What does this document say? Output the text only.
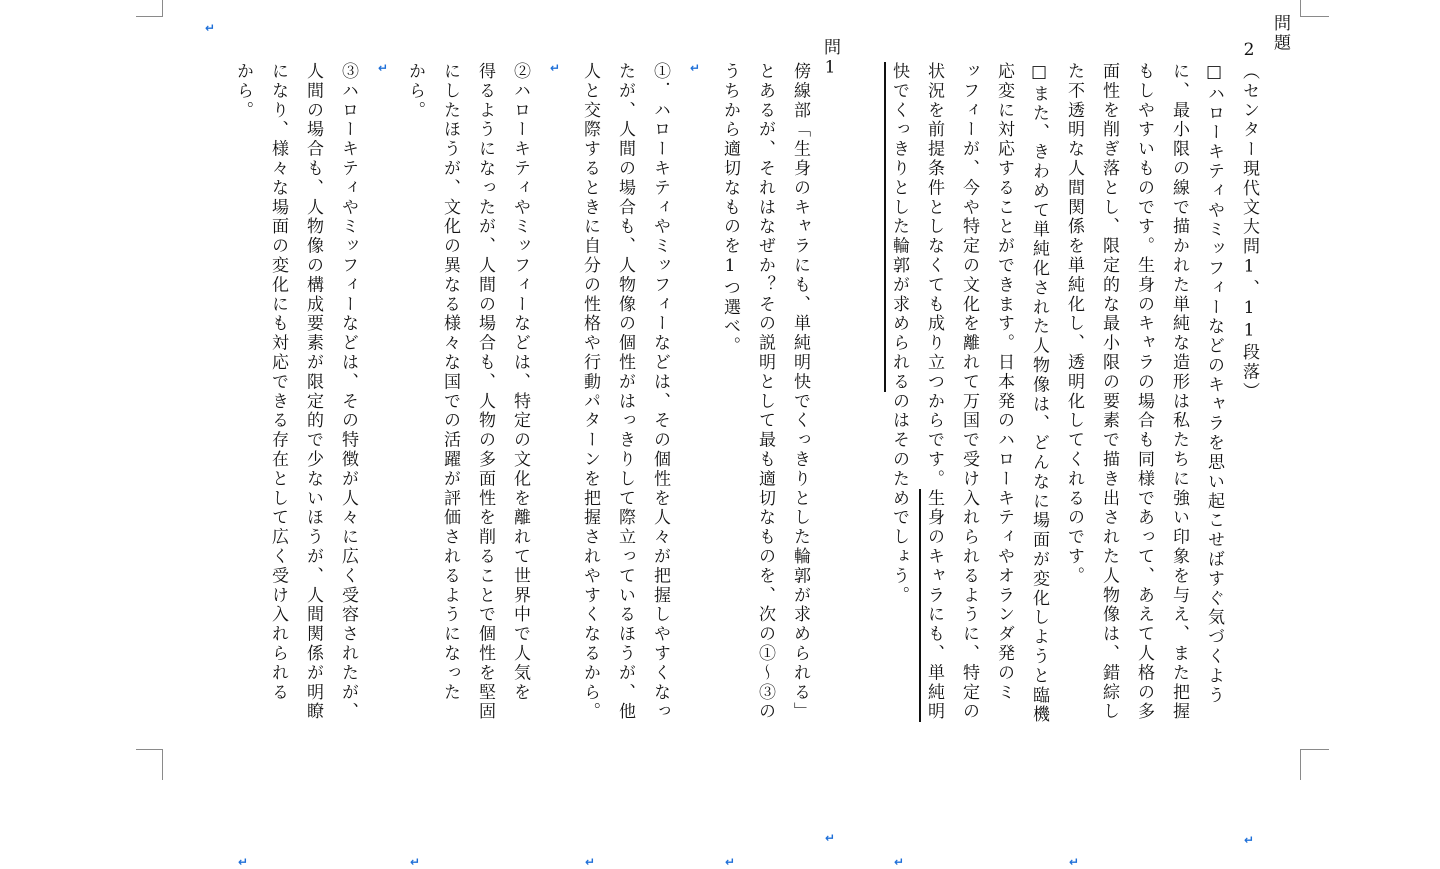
問題
2（センター現代文大問1、11段落）
↵
□ハローキティやミッフィーなどのキャラを思い起こせばすぐ気づくよう
に、最小限の線で描かれた単純な造形は私たちに強い印象を与え、また把握
もしやすいものです。生身のキャラの場合も同様であって、あえて人格の多
面性を削ぎ落とし、限定的な最小限の要素で描き出された人物像は、錯綜し
た不透明な人間関係を単純化し、透明化してくれるのです。
↵
□また、きわめて単純化された人物像は、どんなに場面が変化しようと臨機
応変に対応することができます。日本発のハローキティやオランダ発のミ
ッフィーが、今や特定の文化を離れて万国で受け入れられるように、特定の
状況を前提条件としなくても成り立つからです。生身のキャラにも、単純明
快でくっきりとした輪郭が求められるのはそのためでしょう。
↵
問1
↵
傍線部「生身のキャラにも、単純明快でくっきりとした輪郭が求められる」
とあるが、それはなぜか？その説明として最も適切なものを、次の①～③の
うちから適切なものを1つ選べ。
↵
↵
①．ハローキティやミッフィーなどは、その個性を人々が把握しやすくなっ
たが、人間の場合も、人物像の個性がはっきりして際立っているほうが、他
人と交際するときに自分の性格や行動パターンを把握されやすくなるから。
↵
↵
②ハローキティやミッフィーなどは、特定の文化を離れて世界中で人気を
得るようになったが、人間の場合も、人物の多面性を削ることで個性を堅固
にしたほうが、文化の異なる様々な国での活躍が評価されるようになった
から。
↵
↵
③ハローキティやミッフィーなどは、その特徴が人々に広く受容されたが、
人間の場合も、人物像の構成要素が限定的で少ないほうが、人間関係が明瞭
になり、様々な場面の変化にも対応できる存在として広く受け入れられる
から。
↵
↵
